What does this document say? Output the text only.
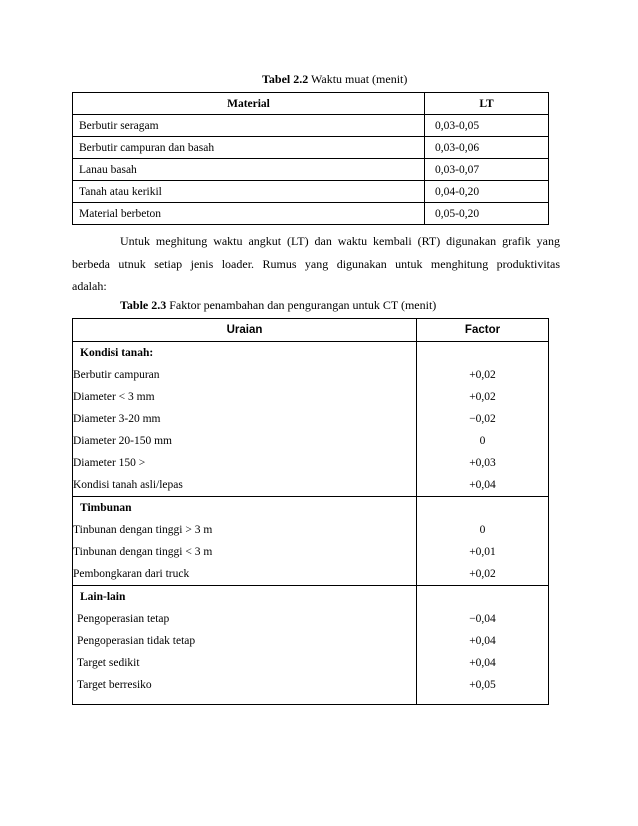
Tabel 2.2 Waktu muat (menit)
Material	LT
Berbutir seragam	0,03-0,05
Berbutir campuran dan basah	0,03-0,06
Lanau basah	0,03-0,07
Tanah atau kerikil	0,04-0,20
Material berbeton	0,05-0,20
Untuk meghitung waktu angkut (LT) dan waktu kembali (RT) digunakan grafik yang
berbeda utnuk setiap jenis loader. Rumus yang digunakan untuk menghitung produktivitas
adalah:
Table 2.3 Faktor penambahan dan pengurangan untuk CT (menit)
Uraian	Factor
Kondisi tanah:	
Berbutir campuran	+0,02
Diameter < 3 mm	+0,02
Diameter 3-20 mm	−0,02
Diameter 20-150 mm	0
Diameter 150 >	+0,03
Kondisi tanah asli/lepas	+0,04
Timbunan	
Tinbunan dengan tinggi > 3 m	0
Tinbunan dengan tinggi < 3 m	+0,01
Pembongkaran dari truck	+0,02
Lain-lain	
Pengoperasian tetap	−0,04
Pengoperasian tidak tetap	+0,04
Target sedikit	+0,04
Target berresiko	+0,05
